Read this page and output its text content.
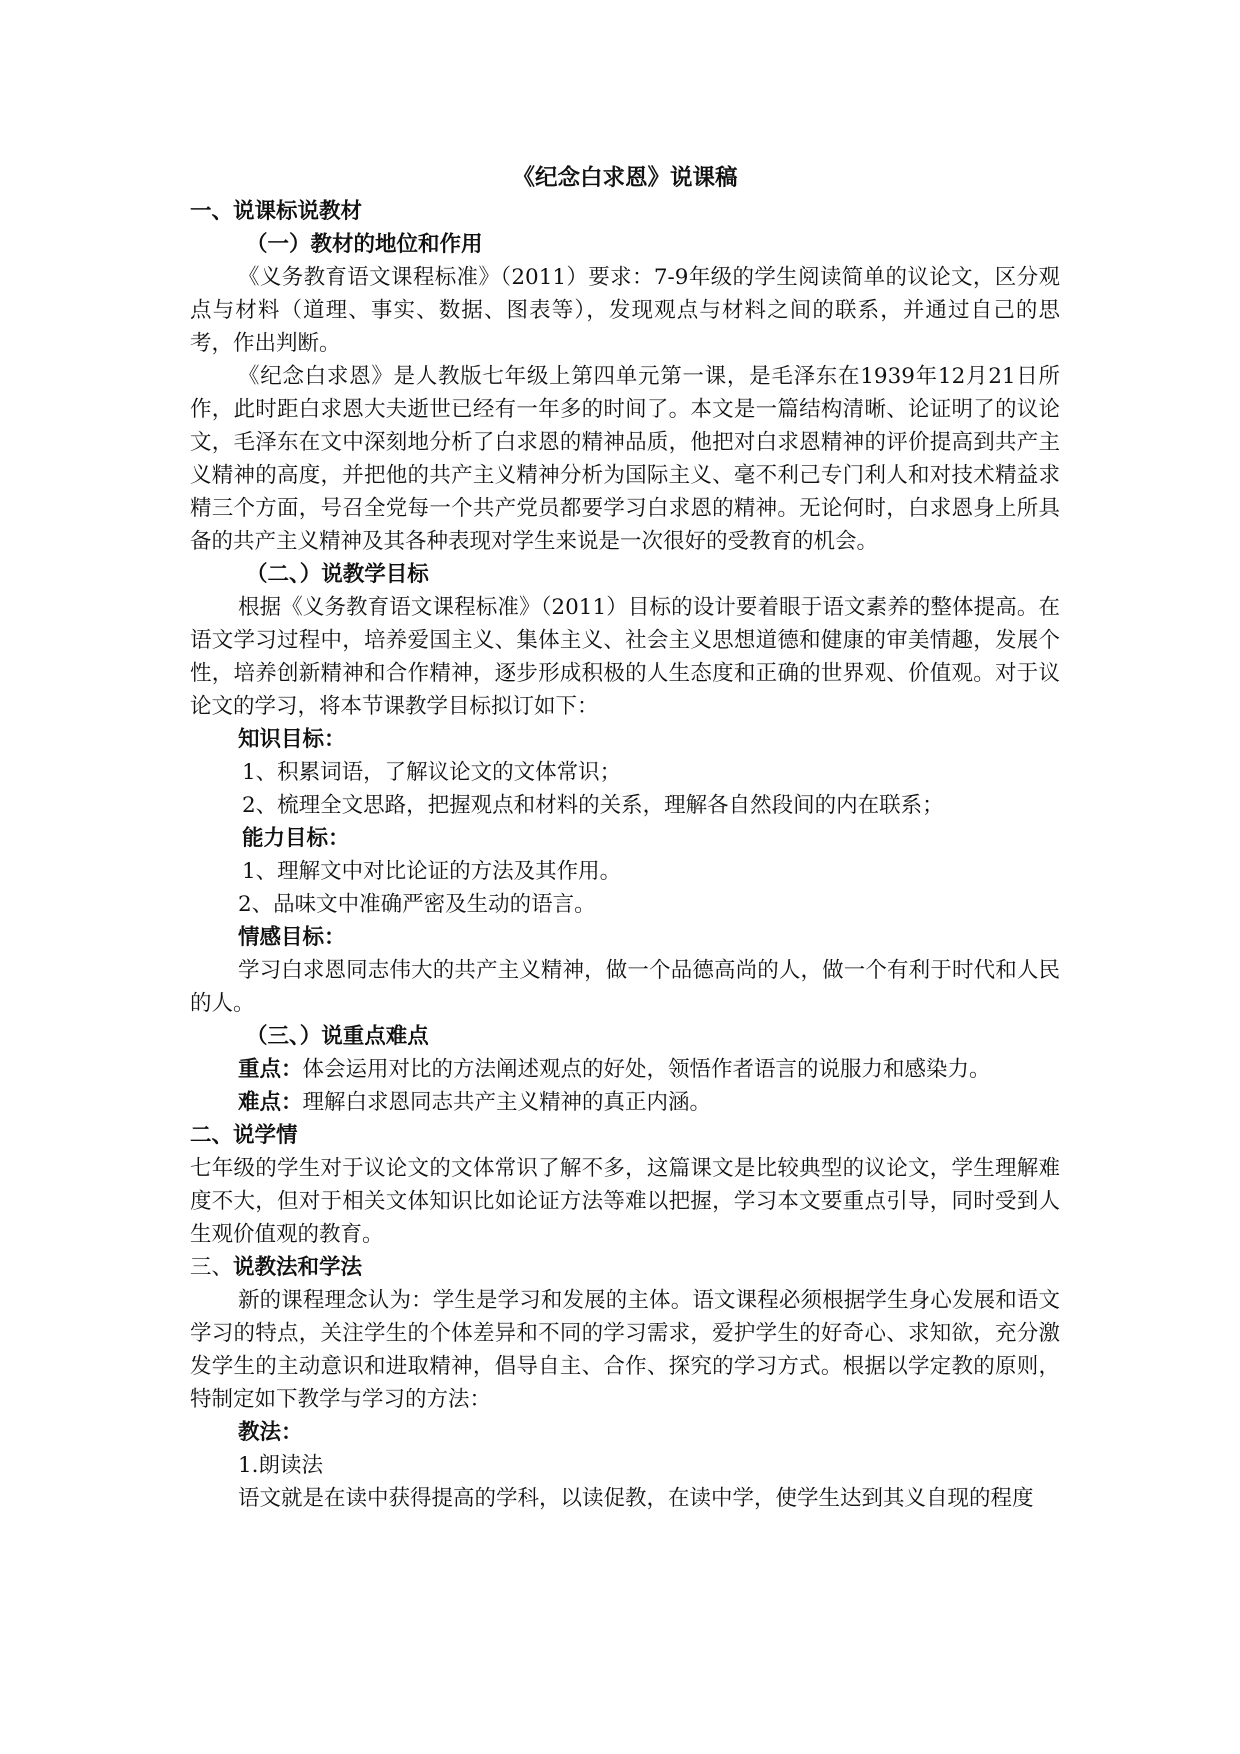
《纪念白求恩》说课稿
一、说课标说教材
（一）教材的地位和作用
《义务教育语文课程标准》（2011）要求：7-9年级的学生阅读简单的议论文，区分观点与材料（道理、事实、数据、图表等），发现观点与材料之间的联系，并通过自己的思考，作出判断。
《纪念白求恩》是人教版七年级上第四单元第一课，是毛泽东在1939年12月21日所作，此时距白求恩大夫逝世已经有一年多的时间了。本文是一篇结构清晰、论证明了的议论文，毛泽东在文中深刻地分析了白求恩的精神品质，他把对白求恩精神的评价提高到共产主义精神的高度，并把他的共产主义精神分析为国际主义、毫不利己专门利人和对技术精益求精三个方面，号召全党每一个共产党员都要学习白求恩的精神。无论何时，白求恩身上所具备的共产主义精神及其各种表现对学生来说是一次很好的受教育的机会。
（二、）说教学目标
根据《义务教育语文课程标准》（2011）目标的设计要着眼于语文素养的整体提高。在语文学习过程中，培养爱国主义、集体主义、社会主义思想道德和健康的审美情趣，发展个性，培养创新精神和合作精神，逐步形成积极的人生态度和正确的世界观、价值观。对于议论文的学习，将本节课教学目标拟订如下：
知识目标：
1、积累词语，了解议论文的文体常识；
2、梳理全文思路，把握观点和材料的关系，理解各自然段间的内在联系；
能力目标：
1、理解文中对比论证的方法及其作用。
2、品味文中准确严密及生动的语言。
情感目标：
学习白求恩同志伟大的共产主义精神，做一个品德高尚的人，做一个有利于时代和人民的人。
（三、）说重点难点
重点：体会运用对比的方法阐述观点的好处，领悟作者语言的说服力和感染力。
难点：理解白求恩同志共产主义精神的真正内涵。
二、说学情
七年级的学生对于议论文的文体常识了解不多，这篇课文是比较典型的议论文，学生理解难度不大，但对于相关文体知识比如论证方法等难以把握，学习本文要重点引导，同时受到人生观价值观的教育。
三、说教法和学法
新的课程理念认为：学生是学习和发展的主体。语文课程必须根据学生身心发展和语文学习的特点，关注学生的个体差异和不同的学习需求，爱护学生的好奇心、求知欲，充分激发学生的主动意识和进取精神，倡导自主、合作、探究的学习方式。根据以学定教的原则，特制定如下教学与学习的方法：
教法：
1.朗读法
语文就是在读中获得提高的学科，以读促教，在读中学，使学生达到其义自现的程度
